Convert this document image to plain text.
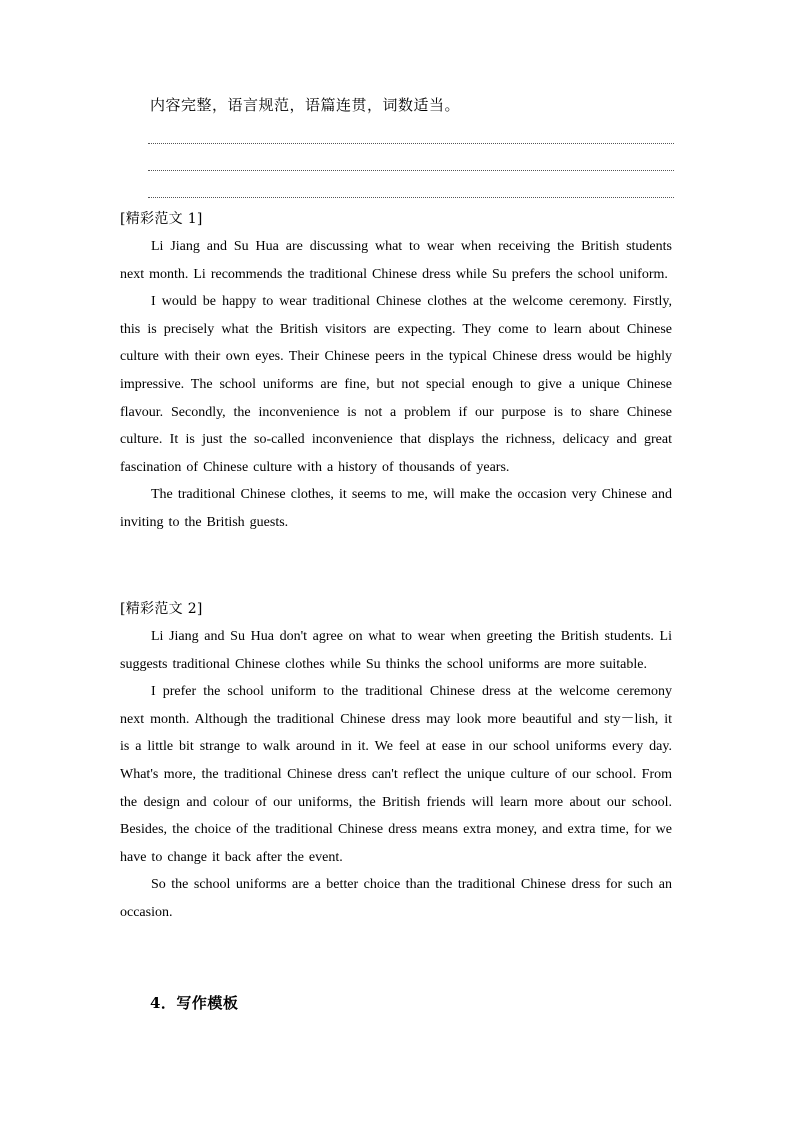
内容完整，语言规范，语篇连贯，词数适当。

[精彩范文 1]

Li Jiang and Su Hua are discussing what to wear when receiving the British students next month. Li recommends the traditional Chinese dress while Su prefers the school uniform.

I would be happy to wear traditional Chinese clothes at the welcome ceremony. Firstly, this is precisely what the British visitors are expecting. They come to learn about Chinese culture with their own eyes. Their Chinese peers in the typical Chinese dress would be highly impressive. The school uniforms are fine, but not special enough to give a unique Chinese flavour. Secondly, the inconvenience is not a problem if our purpose is to share Chinese culture. It is just the so-called inconvenience that displays the richness, delicacy and great fascination of Chinese culture with a history of thousands of years.

The traditional Chinese clothes, it seems to me, will make the occasion very Chinese and inviting to the British guests.

[精彩范文 2]

Li Jiang and Su Hua don't agree on what to wear when greeting the British students. Li suggests traditional Chinese clothes while Su thinks the school uniforms are more suitable.

I prefer the school uniform to the traditional Chinese dress at the welcome ceremony next month. Although the traditional Chinese dress may look more beautiful and sty－lish, it is a little bit strange to walk around in it. We feel at ease in our school uniforms every day. What's more, the traditional Chinese dress can't reflect the unique culture of our school. From the design and colour of our uniforms, the British friends will learn more about our school. Besides, the choice of the traditional Chinese dress means extra money, and extra time, for we have to change it back after the event.

So the school uniforms are a better choice than the traditional Chinese dress for such an occasion.

4．写作模板
